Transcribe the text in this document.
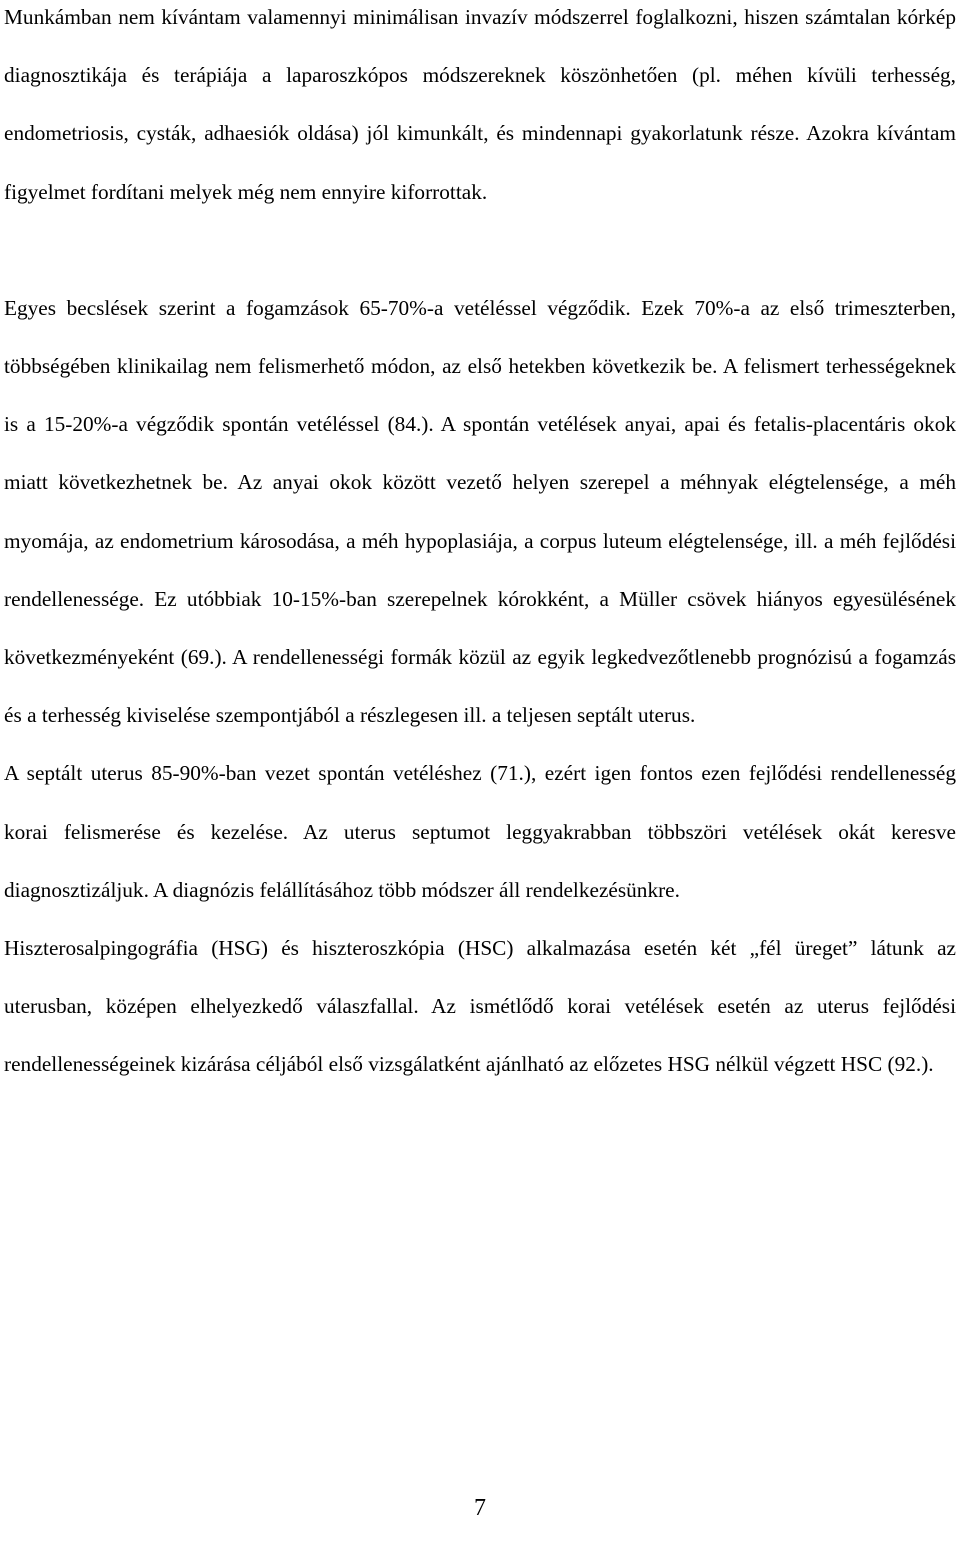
Munkámban nem kívántam valamennyi minimálisan invazív módszerrel foglalkozni, hiszen számtalan kórkép diagnosztikája és terápiája a laparoszkópos módszereknek köszönhetően (pl. méhen kívüli terhesség, endometriosis, cysták, adhaesiók oldása) jól kimunkált, és mindennapi gyakorlatunk része. Azokra kívántam figyelmet fordítani melyek még nem ennyire kiforrottak.

Egyes becslések szerint a fogamzások 65-70%-a vetéléssel végződik. Ezek 70%-a az első trimeszterben, többségében klinikailag nem felismerhető módon, az első hetekben következik be. A felismert terhességeknek is a 15-20%-a végződik spontán vetéléssel (84.). A spontán vetélések anyai, apai és fetalis-placentáris okok miatt következhetnek be. Az anyai okok között vezető helyen szerepel a méhnyak elégtelensége, a méh myomája, az endometrium károsodása, a méh hypoplasiája, a corpus luteum elégtelensége, ill. a méh fejlődési rendellenessége. Ez utóbbiak 10-15%-ban szerepelnek kórokként, a Müller csövek hiányos egyesülésének következményeként (69.). A rendellenességi formák közül az egyik legkedvezőtlenebb prognózisú a fogamzás és a terhesség kiviselése szempontjából a részlegesen ill. a teljesen septált uterus.

A septált uterus 85-90%-ban vezet spontán vetéléshez (71.), ezért igen fontos ezen fejlődési rendellenesség korai felismerése és kezelése. Az uterus septumot leggyakrabban többszöri vetélések okát keresve diagnosztizáljuk. A diagnózis felállításához több módszer áll rendelkezésünkre.

Hiszterosalpingográfia (HSG) és hiszteroszkópia (HSC) alkalmazása esetén két „fél üreget” látunk az uterusban, középen elhelyezkedő válaszfallal. Az ismétlődő korai vetélések esetén az uterus fejlődési rendellenességeinek kizárása céljából első vizsgálatként ajánlható az előzetes HSG nélkül végzett HSC (92.).

7
